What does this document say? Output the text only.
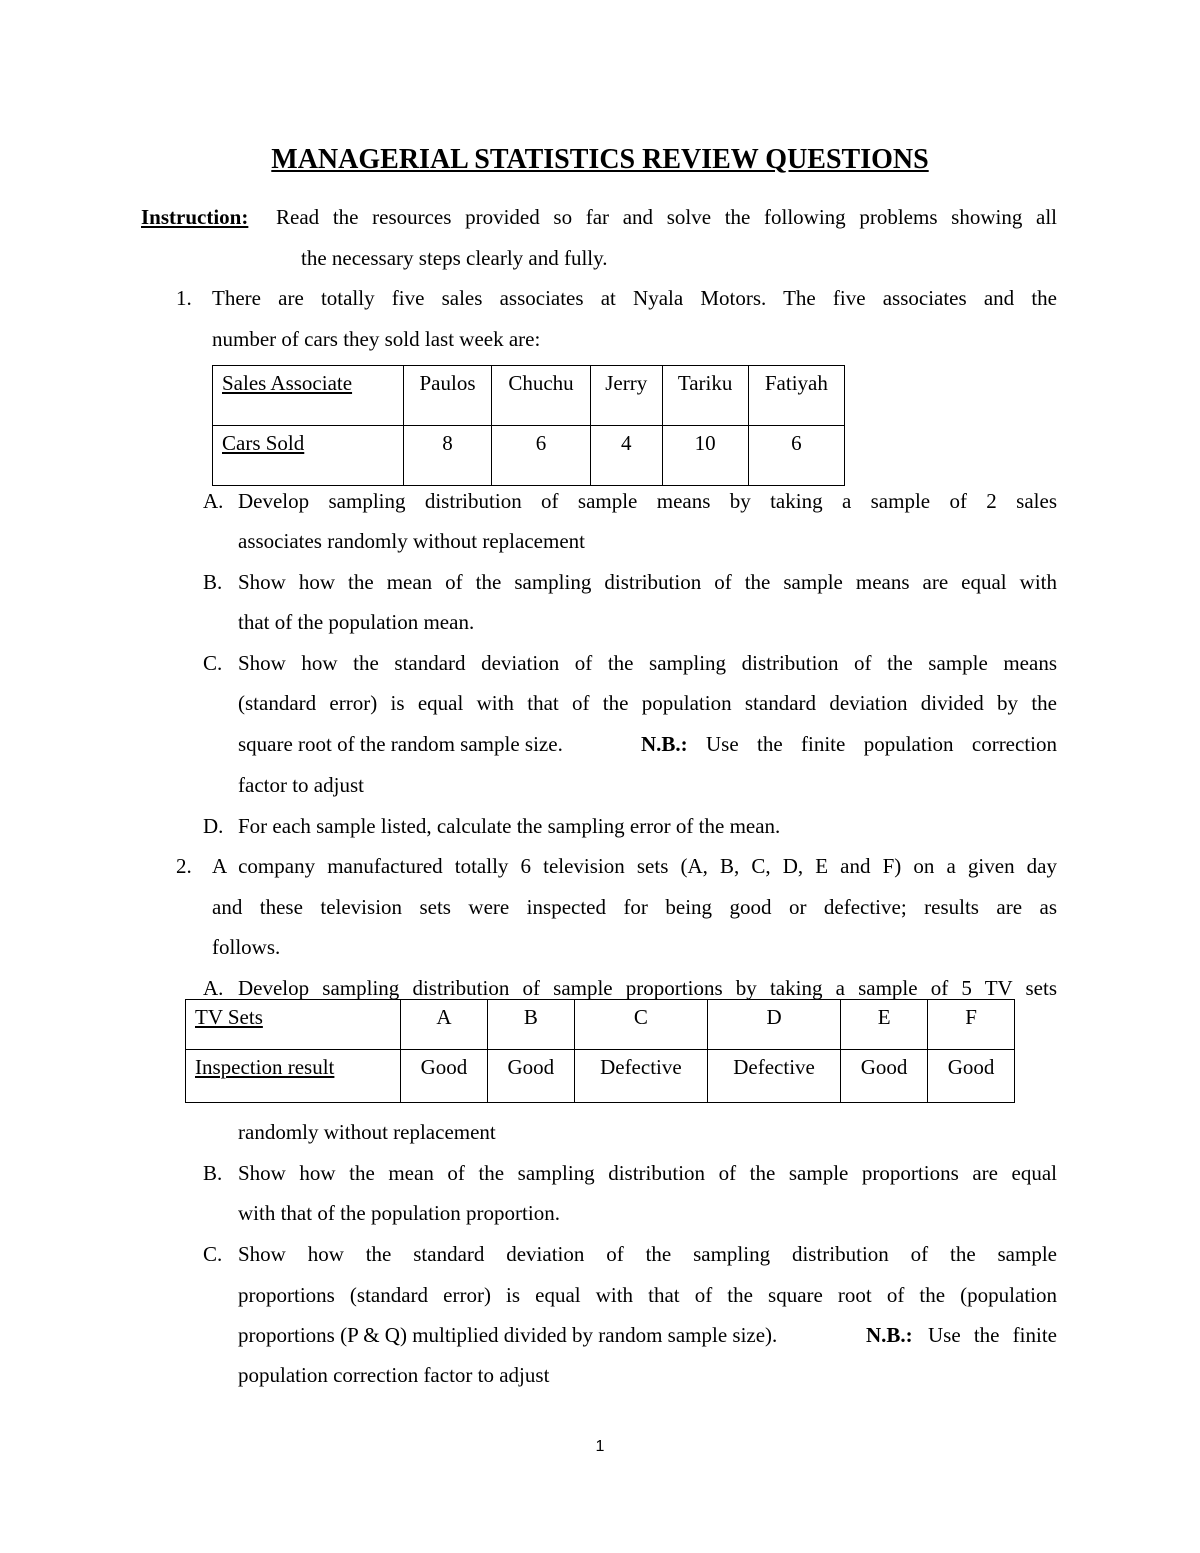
MANAGERIAL STATISTICS REVIEW QUESTIONS
Instruction: Read the resources provided so far and solve the following problems showing all
the necessary steps clearly and fully.
1. There are totally five sales associates at Nyala Motors. The five associates and the
number of cars they sold last week are:
Sales Associate	Paulos	Chuchu	Jerry	Tariku	Fatiyah
Cars Sold	8	6	4	10	6
A. Develop sampling distribution of sample means by taking a sample of 2 sales
associates randomly without replacement
B. Show how the mean of the sampling distribution of the sample means are equal with
that of the population mean.
C. Show how the standard deviation of the sampling distribution of the sample means
(standard error) is equal with that of the population standard deviation divided by the
square root of the random sample size.	N.B.: Use the finite population correction
factor to adjust
D. For each sample listed, calculate the sampling error of the mean.
2. A company manufactured totally 6 television sets (A, B, C, D, E and F) on a given day
and these television sets were inspected for being good or defective; results are as
follows.
A. Develop sampling distribution of sample proportions by taking a sample of 5 TV sets
TV Sets	A	B	C	D	E	F
Inspection result	Good	Good	Defective	Defective	Good	Good
randomly without replacement
B. Show how the mean of the sampling distribution of the sample proportions are equal
with that of the population proportion.
C. Show how the standard deviation of the sampling distribution of the sample
proportions (standard error) is equal with that of the square root of the (population
proportions (P & Q) multiplied divided by random sample size).	N.B.: Use the finite
population correction factor to adjust
1
